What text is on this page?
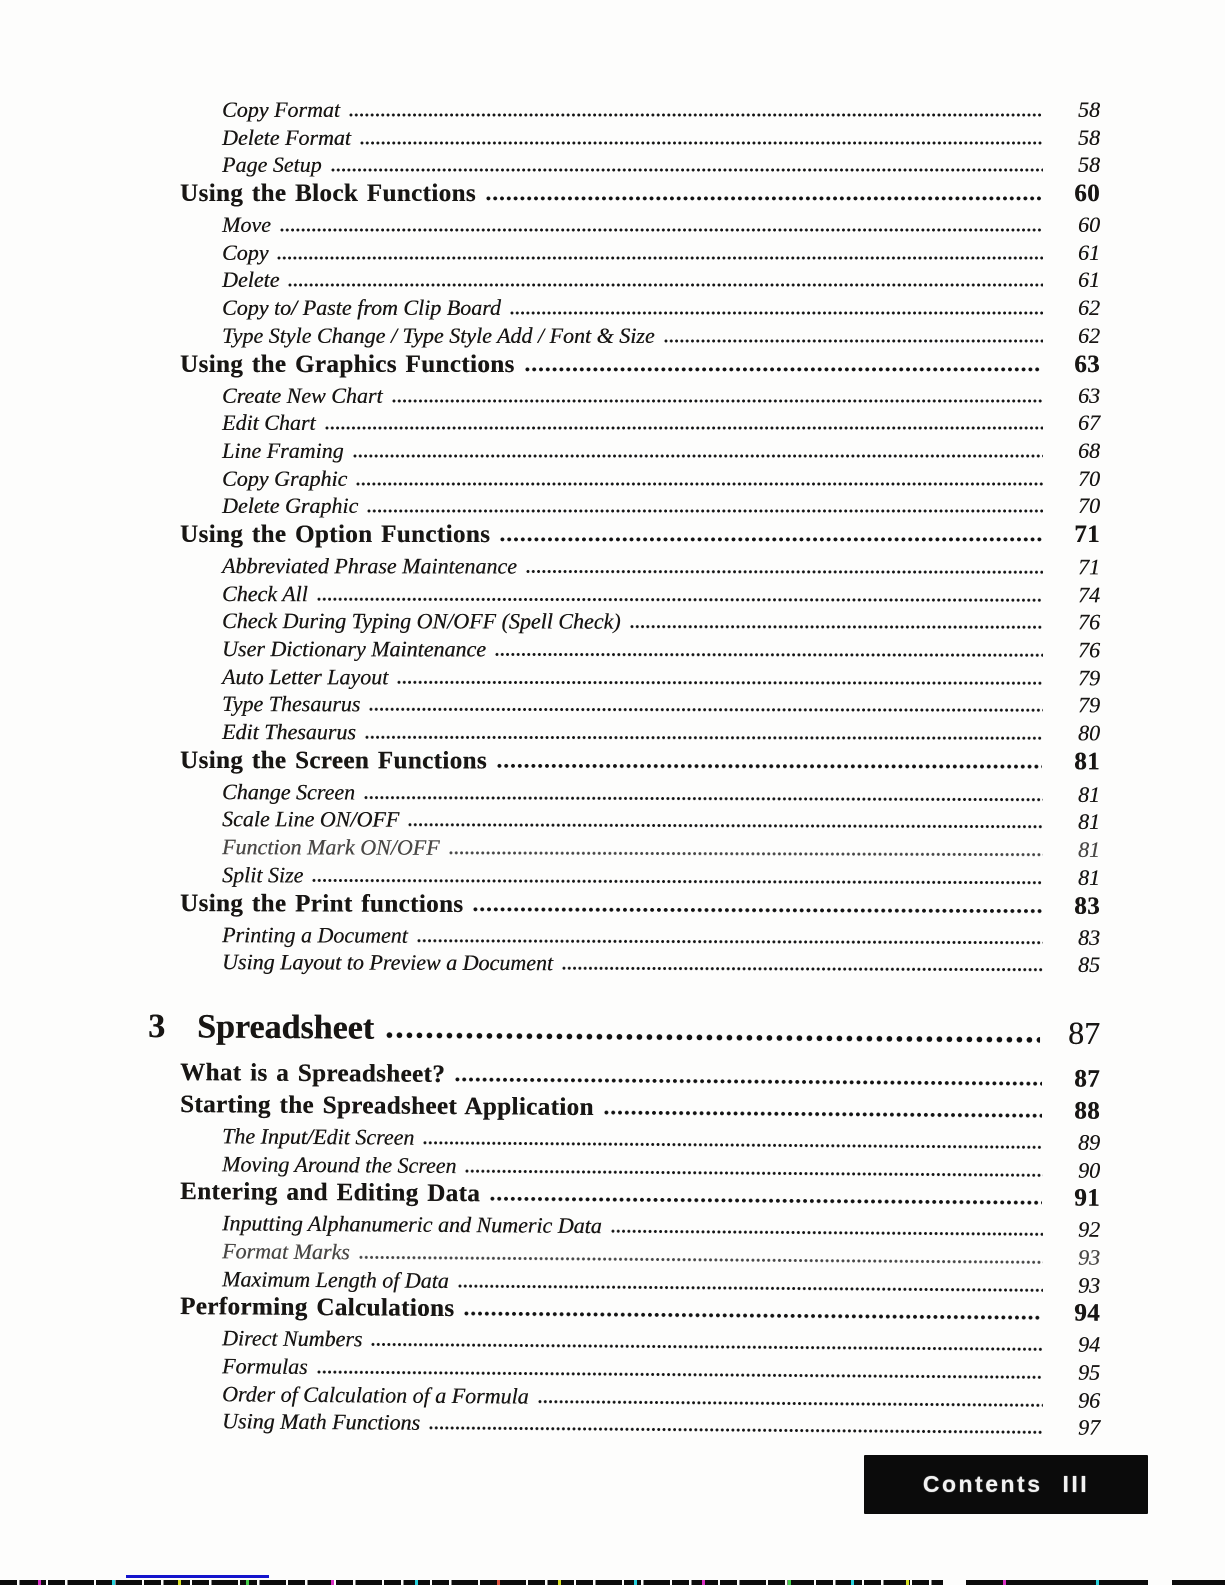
Copy Format	58
Delete Format	58
Page Setup	58
Using the Block Functions	60
Move	60
Copy	61
Delete	61
Copy to/ Paste from Clip Board	62
Type Style Change / Type Style Add / Font & Size	62
Using the Graphics Functions	63
Create New Chart	63
Edit Chart	67
Line Framing	68
Copy Graphic	70
Delete Graphic	70
Using the Option Functions	71
Abbreviated Phrase Maintenance	71
Check All	74
Check During Typing ON/OFF (Spell Check)	76
User Dictionary Maintenance	76
Auto Letter Layout	79
Type Thesaurus	79
Edit Thesaurus	80
Using the Screen Functions	81
Change Screen	81
Scale Line ON/OFF	81
Function Mark ON/OFF	81
Split Size	81
Using the Print functions	83
Printing a Document	83
Using Layout to Preview a Document	85
3 Spreadsheet	87
What is a Spreadsheet?	87
Starting the Spreadsheet Application	88
The Input/Edit Screen	89
Moving Around the Screen	90
Entering and Editing Data	91
Inputting Alphanumeric and Numeric Data	92
Format Marks	93
Maximum Length of Data	93
Performing Calculations	94
Direct Numbers	94
Formulas	95
Order of Calculation of a Formula	96
Using Math Functions	97
Contents III
